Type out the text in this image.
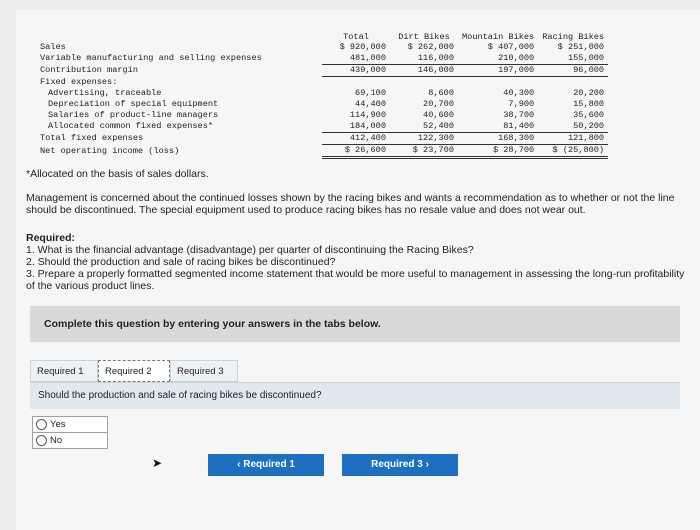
	Total	Dirt Bikes	Mountain Bikes	Racing Bikes
Sales	$ 920,000	$ 262,000	$ 407,000	$ 251,000
Variable manufacturing and selling expenses	481,000	116,000	210,000	155,000
Contribution margin	439,000	146,000	197,000	96,000
Fixed expenses:				
Advertising, traceable	69,100	8,600	40,300	20,200
Depreciation of special equipment	44,400	20,700	7,900	15,800
Salaries of product-line managers	114,900	40,600	38,700	35,600
Allocated common fixed expenses*	184,000	52,400	81,400	50,200
Total fixed expenses	412,400	122,300	168,300	121,800
Net operating income (loss)	$ 26,600	$ 23,700	$ 28,700	$ (25,800)
*Allocated on the basis of sales dollars.
Management is concerned about the continued losses shown by the racing bikes and wants a recommendation as to whether or not the line should be discontinued. The special equipment used to produce racing bikes has no resale value and does not wear out.
Required:
1. What is the financial advantage (disadvantage) per quarter of discontinuing the Racing Bikes?
2. Should the production and sale of racing bikes be discontinued?
3. Prepare a properly formatted segmented income statement that would be more useful to management in assessing the long-run profitability of the various product lines.
Complete this question by entering your answers in the tabs below.
Required 1	Required 2	Required 3
Should the production and sale of racing bikes be discontinued?
Yes
No
‹ Required 1	Required 3 ›
➤
